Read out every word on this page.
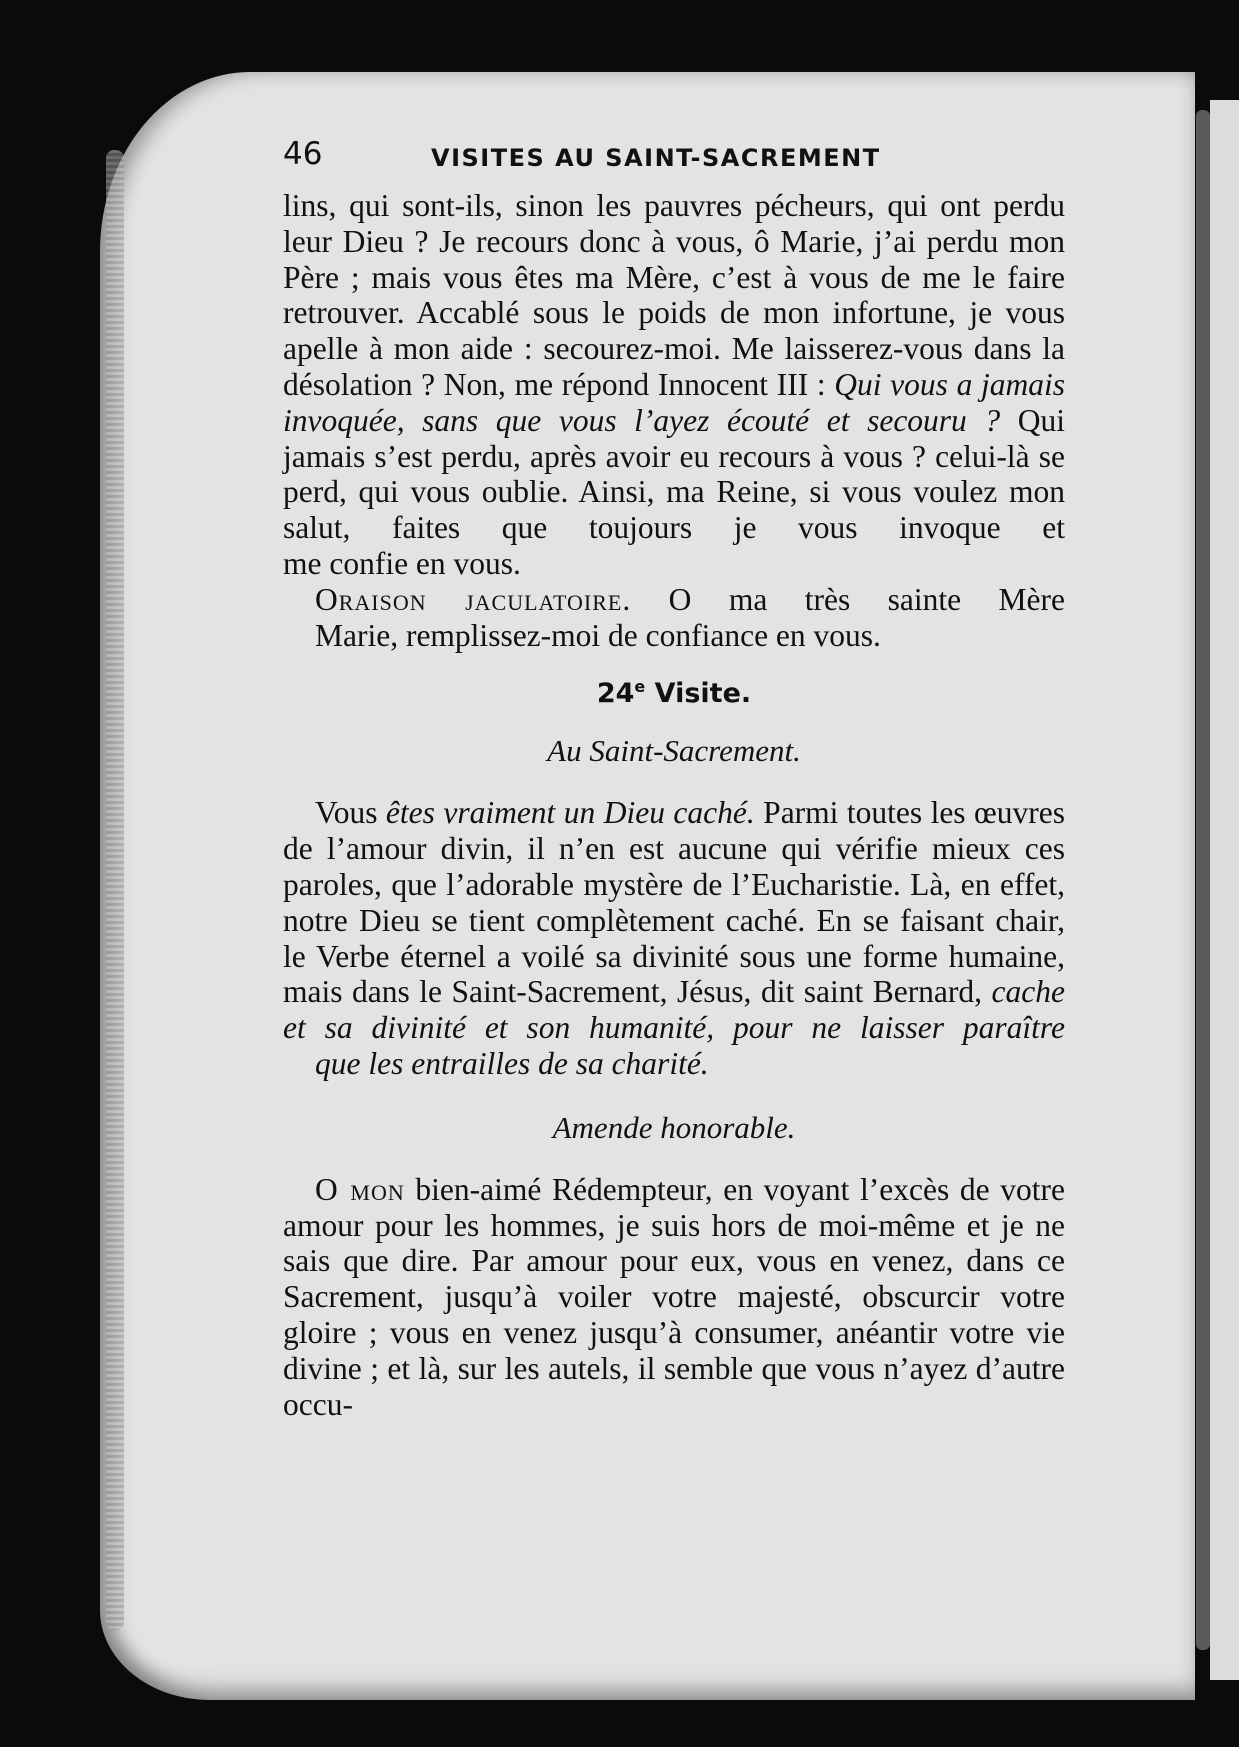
46	VISITES AU SAINT-SACREMENT

lins, qui sont-ils, sinon les pauvres pécheurs, qui ont perdu leur Dieu ? Je recours donc à vous, ô Marie, j’ai perdu mon Père ; mais vous êtes ma Mère, c’est à vous de me le faire retrouver. Accablé sous le poids de mon infortune, je vous apelle à mon aide : secourez-moi. Me laisserez-vous dans la désolation ? Non, me répond Innocent III : Qui vous a jamais invoquée, sans que vous l’ayez écouté et secouru ? Qui jamais s’est perdu, après avoir eu recours à vous ? celui-là se perd, qui vous oublie. Ainsi, ma Reine, si vous voulez mon salut, faites que toujours je vous invoque et
me confie en vous.

Oraison jaculatoire. O ma très sainte Mère
Marie, remplissez-moi de confiance en vous.

24e Visite.
Au Saint-Sacrement.

Vous êtes vraiment un Dieu caché. Parmi toutes les œuvres de l’amour divin, il n’en est aucune qui vérifie mieux ces paroles, que l’adorable mystère de l’Eucharistie. Là, en effet, notre Dieu se tient complètement caché. En se faisant chair, le Verbe éternel a voilé sa divinité sous une forme humaine, mais dans le Saint-Sacrement, Jésus, dit saint Bernard, cache et sa divinité et son humanité, pour ne laisser paraître
que les entrailles de sa charité.

Amende honorable.

O mon bien-aimé Rédempteur, en voyant l’excès de votre amour pour les hommes, je suis hors de moi-même et je ne sais que dire. Par amour pour eux, vous en venez, dans ce Sacrement, jusqu’à voiler votre majesté, obscurcir votre gloire ; vous en venez jusqu’à consumer, anéantir votre vie divine ; et là, sur les autels, il semble que vous n’ayez d’autre occu-
